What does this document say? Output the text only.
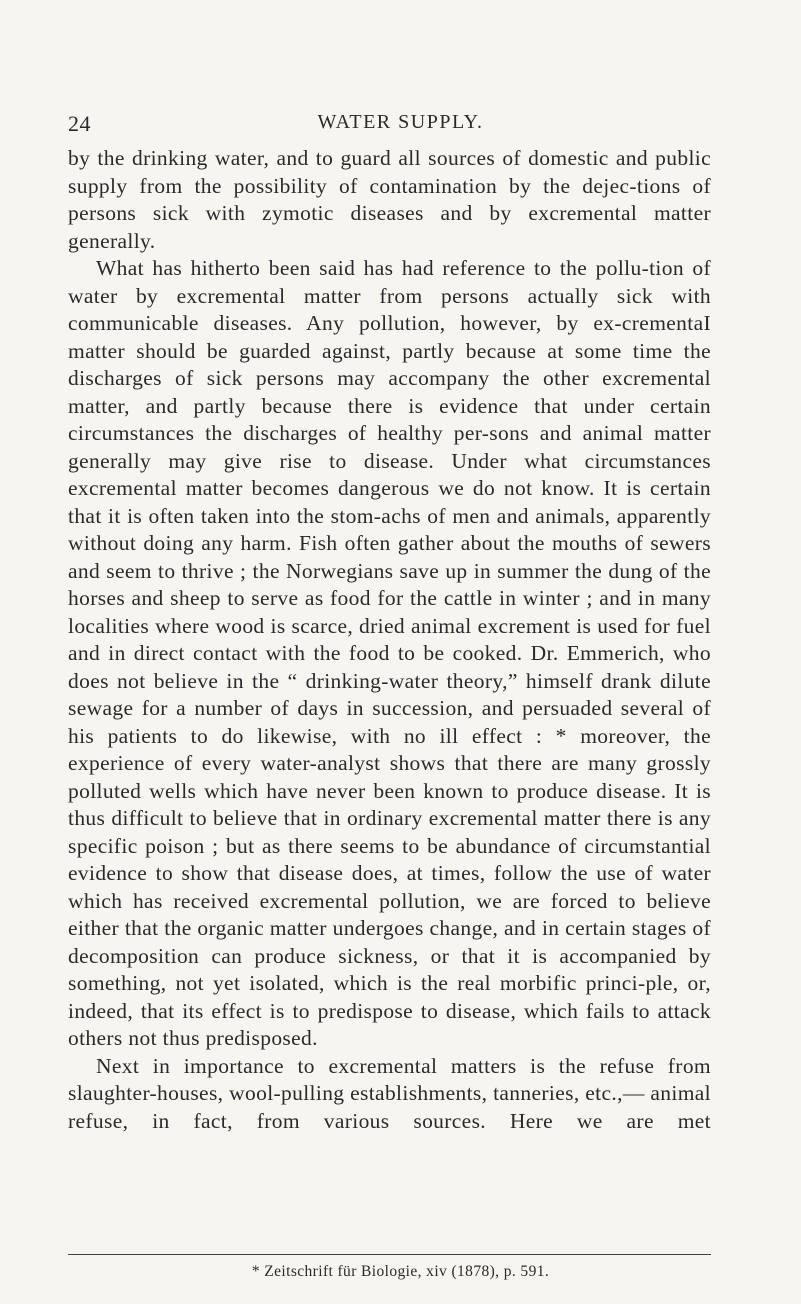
24	WATER SUPPLY.

by the drinking water, and to guard all sources of domestic and public supply from the possibility of contamination by the dejec-tions of persons sick with zymotic diseases and by excremental matter generally.

What has hitherto been said has had reference to the pollu-tion of water by excremental matter from persons actually sick with communicable diseases. Any pollution, however, by ex-crementaI matter should be guarded against, partly because at some time the discharges of sick persons may accompany the other excremental matter, and partly because there is evidence that under certain circumstances the discharges of healthy per-sons and animal matter generally may give rise to disease. Under what circumstances excremental matter becomes dangerous we do not know. It is certain that it is often taken into the stom-achs of men and animals, apparently without doing any harm. Fish often gather about the mouths of sewers and seem to thrive ; the Norwegians save up in summer the dung of the horses and sheep to serve as food for the cattle in winter ; and in many localities where wood is scarce, dried animal excrement is used for fuel and in direct contact with the food to be cooked. Dr. Emmerich, who does not believe in the “ drinking-water theory,” himself drank dilute sewage for a number of days in succession, and persuaded several of his patients to do likewise, with no ill effect : * moreover, the experience of every water-analyst shows that there are many grossly polluted wells which have never been known to produce disease. It is thus difficult to believe that in ordinary excremental matter there is any specific poison ; but as there seems to be abundance of circumstantial evidence to show that disease does, at times, follow the use of water which has received excremental pollution, we are forced to believe either that the organic matter undergoes change, and in certain stages of decomposition can produce sickness, or that it is accompanied by something, not yet isolated, which is the real morbific princi-ple, or, indeed, that its effect is to predispose to disease, which fails to attack others not thus predisposed.

Next in importance to excremental matters is the refuse from slaughter-houses, wool-pulling establishments, tanneries, etc.,— animal refuse, in fact, from various sources. Here we are met

* Zeitschrift für Biologie, xiv (1878), p. 591.
